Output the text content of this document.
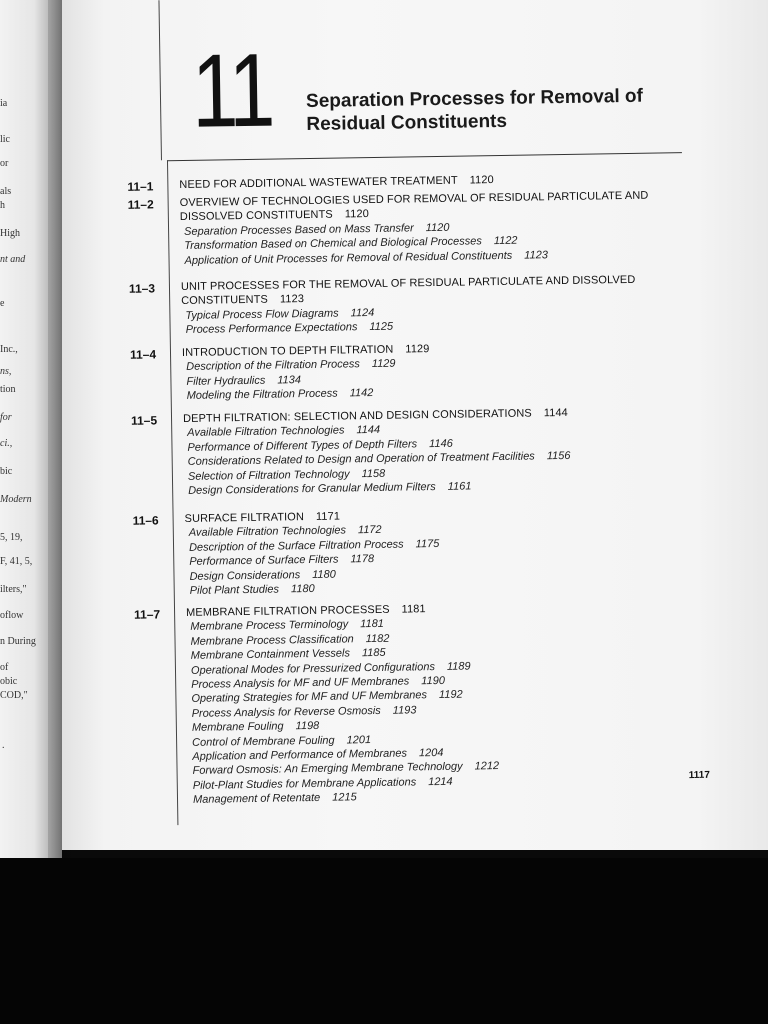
ia
lic
or
als
h
High
nt and
e
Inc.,
ns,
tion
for
ci.,
bic
Modern
5, 19,
F, 41, 5,
ilters,"
oflow
n During
of
obic
COD,"
.
11 Separation Processes for Removal of Residual Constituents
11–1	NEED FOR ADDITIONAL WASTEWATER TREATMENT 1120
11–2	OVERVIEW OF TECHNOLOGIES USED FOR REMOVAL OF RESIDUAL PARTICULATE AND DISSOLVED CONSTITUENTS 1120
Separation Processes Based on Mass Transfer 1120
Transformation Based on Chemical and Biological Processes 1122
Application of Unit Processes for Removal of Residual Constituents 1123
11–3	UNIT PROCESSES FOR THE REMOVAL OF RESIDUAL PARTICULATE AND DISSOLVED CONSTITUENTS 1123
Typical Process Flow Diagrams 1124
Process Performance Expectations 1125
11–4	INTRODUCTION TO DEPTH FILTRATION 1129
Description of the Filtration Process 1129
Filter Hydraulics 1134
Modeling the Filtration Process 1142
11–5	DEPTH FILTRATION: SELECTION AND DESIGN CONSIDERATIONS 1144
Available Filtration Technologies 1144
Performance of Different Types of Depth Filters 1146
Considerations Related to Design and Operation of Treatment Facilities 1156
Selection of Filtration Technology 1158
Design Considerations for Granular Medium Filters 1161
11–6	SURFACE FILTRATION 1171
Available Filtration Technologies 1172
Description of the Surface Filtration Process 1175
Performance of Surface Filters 1178
Design Considerations 1180
Pilot Plant Studies 1180
11–7	MEMBRANE FILTRATION PROCESSES 1181
Membrane Process Terminology 1181
Membrane Process Classification 1182
Membrane Containment Vessels 1185
Operational Modes for Pressurized Configurations 1189
Process Analysis for MF and UF Membranes 1190
Operating Strategies for MF and UF Membranes 1192
Process Analysis for Reverse Osmosis 1193
Membrane Fouling 1198
Control of Membrane Fouling 1201
Application and Performance of Membranes 1204
Forward Osmosis: An Emerging Membrane Technology 1212
Pilot-Plant Studies for Membrane Applications 1214
Management of Retentate 1215
1117
